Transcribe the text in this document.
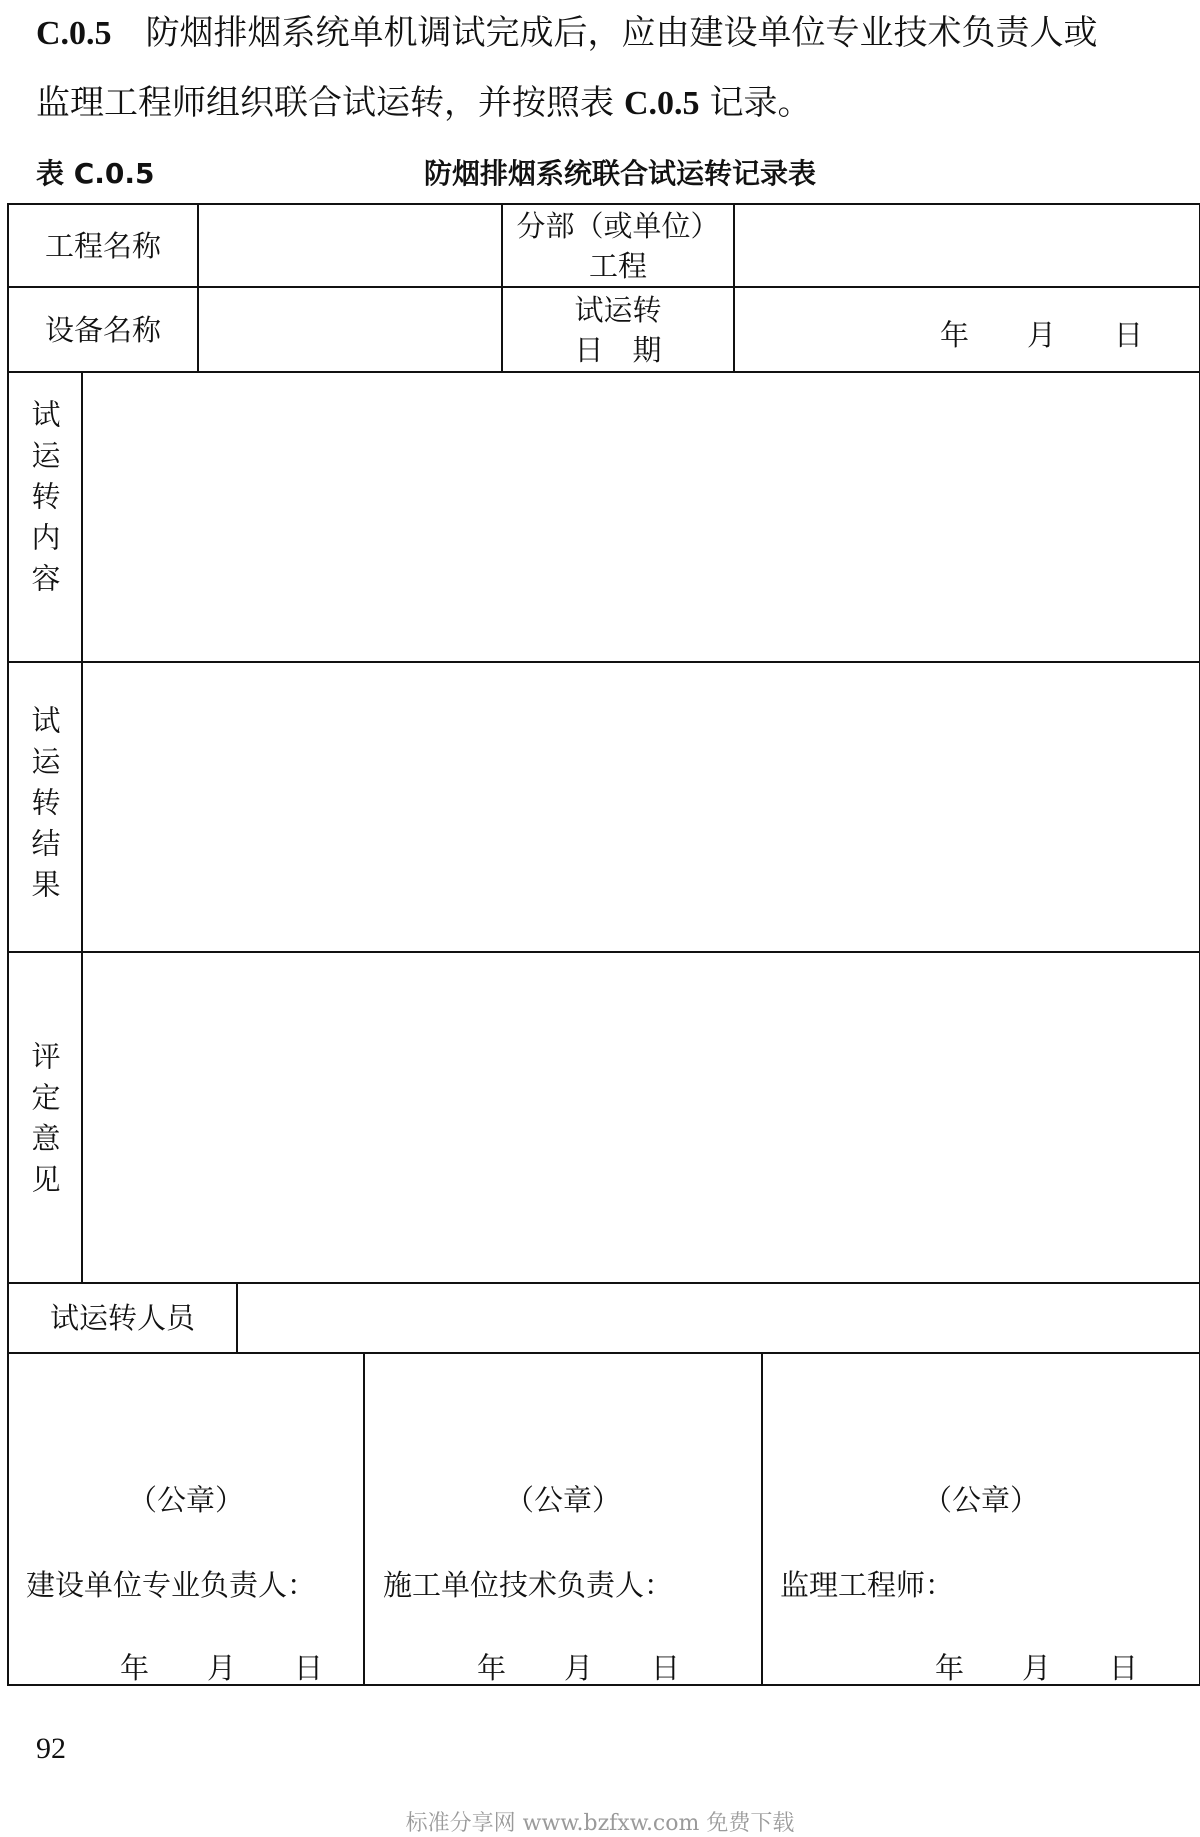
C.0.5 防烟排烟系统单机调试完成后，应由建设单位专业技术负责人或
监理工程师组织联合试运转，并按照表 C.0.5 记录。
表 C.0.5	防烟排烟系统联合试运转记录表
工程名称
分部（或单位）
工程
设备名称
试运转
日　期	年　　月　　日
试运转内容
试运转结果
评定意见
试运转人员
（公章）
建设单位专业负责人：
年　　月　　日
（公章）
施工单位技术负责人：
年　　月　　日
（公章）
监理工程师：
年　　月　　日
92
标准分享网 www.bzfxw.com 免费下载
